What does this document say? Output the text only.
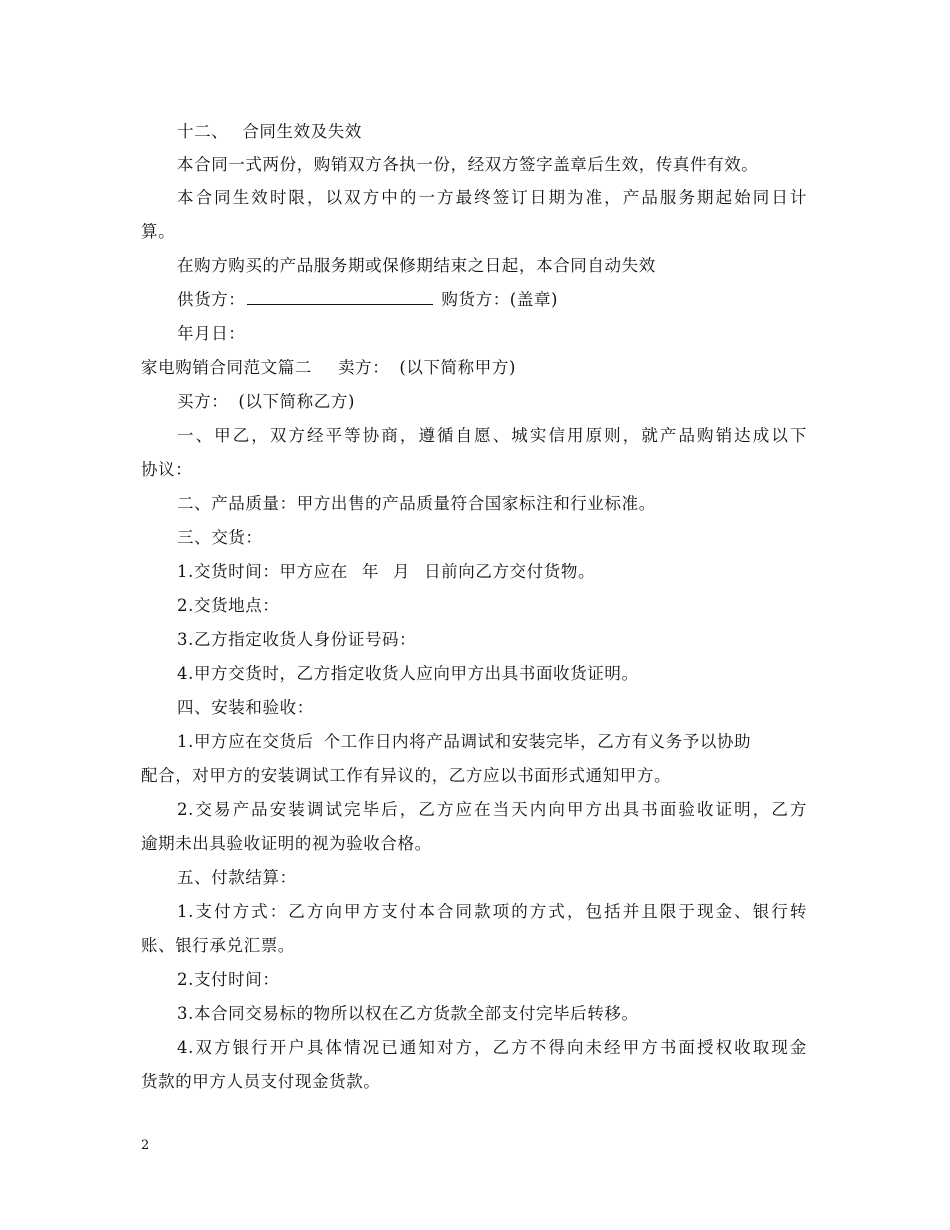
十二、 合同生效及失效
本合同一式两份，购销双方各执一份，经双方签字盖章后生效，传真件有效。
本合同生效时限，以双方中的一方最终签订日期为准，产品服务期起始同日计
算。
在购方购买的产品服务期或保修期结束之日起，本合同自动失效
供货方：	购货方：(盖章)
年月日：
家电购销合同范文篇二 卖方： (以下简称甲方)
买方： (以下简称乙方)
一、甲乙，双方经平等协商，遵循自愿、城实信用原则，就产品购销达成以下
协议：
二、产品质量：甲方出售的产品质量符合国家标注和行业标准。
三、交货：
1.交货时间：甲方应在 年 月 日前向乙方交付货物。
2.交货地点：
3.乙方指定收货人身份证号码：
4.甲方交货时，乙方指定收货人应向甲方出具书面收货证明。
四、安装和验收：
1.甲方应在交货后 个工作日内将产品调试和安装完毕，乙方有义务予以协助
配合，对甲方的安装调试工作有异议的，乙方应以书面形式通知甲方。
2.交易产品安装调试完毕后，乙方应在当天内向甲方出具书面验收证明，乙方
逾期未出具验收证明的视为验收合格。
五、付款结算：
1.支付方式：乙方向甲方支付本合同款项的方式，包括并且限于现金、银行转
账、银行承兑汇票。
2.支付时间：
3.本合同交易标的物所以权在乙方货款全部支付完毕后转移。
4.双方银行开户具体情况已通知对方，乙方不得向未经甲方书面授权收取现金
货款的甲方人员支付现金货款。
2
